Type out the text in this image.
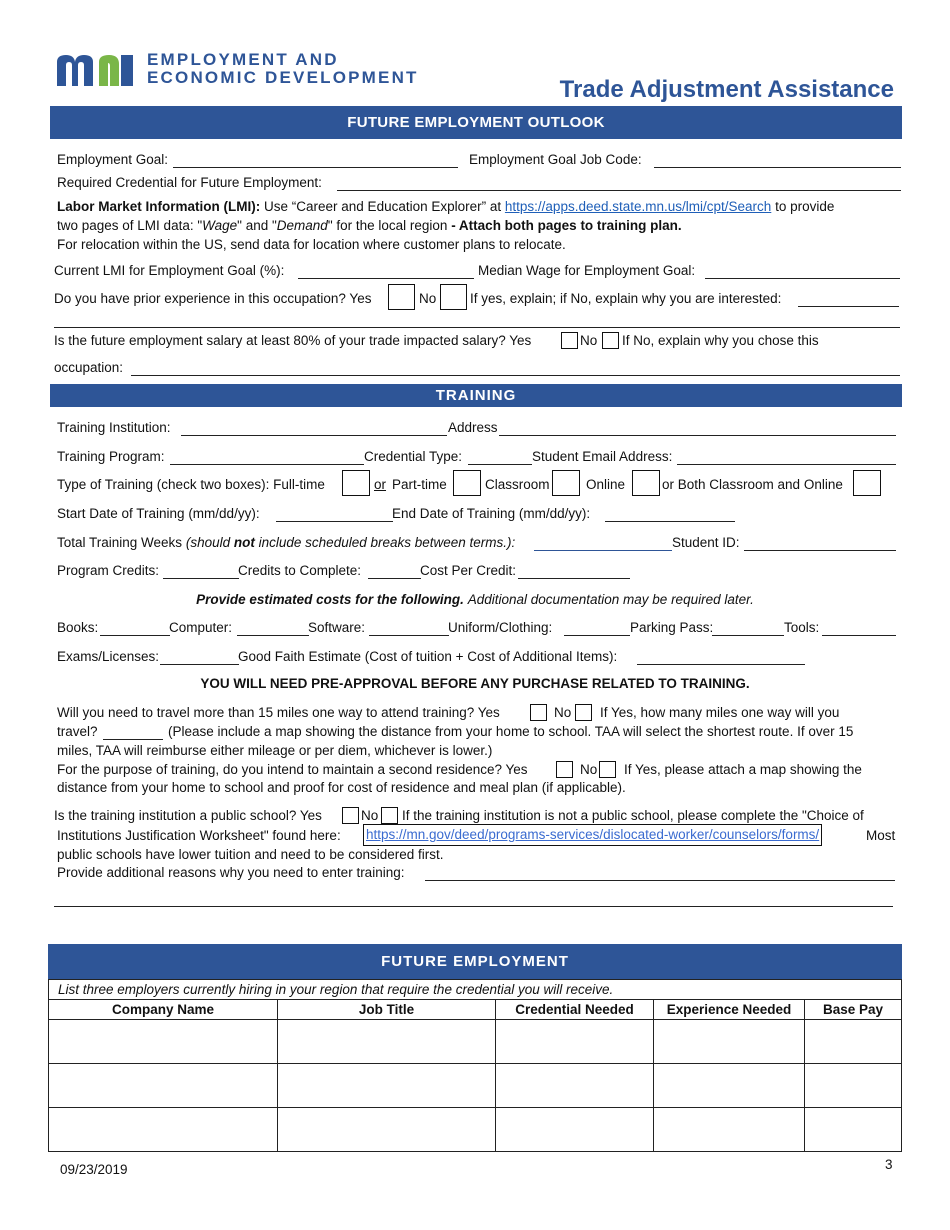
EMPLOYMENT AND
ECONOMIC DEVELOPMENT	Trade Adjustment Assistance
FUTURE EMPLOYMENT OUTLOOK
Employment Goal:	Employment Goal Job Code:
Required Credential for Future Employment:
Labor Market Information (LMI): Use “Career and Education Explorer” at https://apps.deed.state.mn.us/lmi/cpt/Search to provide
two pages of LMI data: "Wage" and "Demand" for the local region - Attach both pages to training plan.
For relocation within the US, send data for location where customer plans to relocate.
Current LMI for Employment Goal (%):	Median Wage for Employment Goal:
Do you have prior experience in this occupation? Yes	No If yes, explain; if No, explain why you are interested:
Is the future employment salary at least 80% of your trade impacted salary? Yes	No If No, explain why you chose this
occupation:
TRAINING
Training Institution:	Address
Training Program:	Credential Type:	Student Email Address:
Type of Training (check two boxes): Full-time	or Part-time	Classroom	Online	or Both Classroom and Online
Start Date of Training (mm/dd/yy):	End Date of Training (mm/dd/yy):
Total Training Weeks (should not include scheduled breaks between terms.):	Student ID:
Program Credits:	Credits to Complete:	Cost Per Credit:
Provide estimated costs for the following. Additional documentation may be required later.
Books:	Computer:	Software:	Uniform/Clothing:	Parking Pass:	Tools:
Exams/Licenses:	Good Faith Estimate (Cost of tuition + Cost of Additional Items):
YOU WILL NEED PRE-APPROVAL BEFORE ANY PURCHASE RELATED TO TRAINING.
Will you need to travel more than 15 miles one way to attend training? Yes	No If Yes, how many miles one way will you
travel?	(Please include a map showing the distance from your home to school. TAA will select the shortest route. If over 15
miles, TAA will reimburse either mileage or per diem, whichever is lower.)
For the purpose of training, do you intend to maintain a second residence? Yes	No If Yes, please attach a map showing the
distance from your home to school and proof for cost of residence and meal plan (if applicable).
Is the training institution a public school? Yes	No If the training institution is not a public school, please complete the "Choice of
Institutions Justification Worksheet" found here: https://mn.gov/deed/programs-services/dislocated-worker/counselors/forms/	Most
public schools have lower tuition and need to be considered first.
Provide additional reasons why you need to enter training:
FUTURE EMPLOYMENT
List three employers currently hiring in your region that require the credential you will receive.				
Company Name	Job Title	Credential Needed	Experience Needed	Base Pay

09/23/2019	3
